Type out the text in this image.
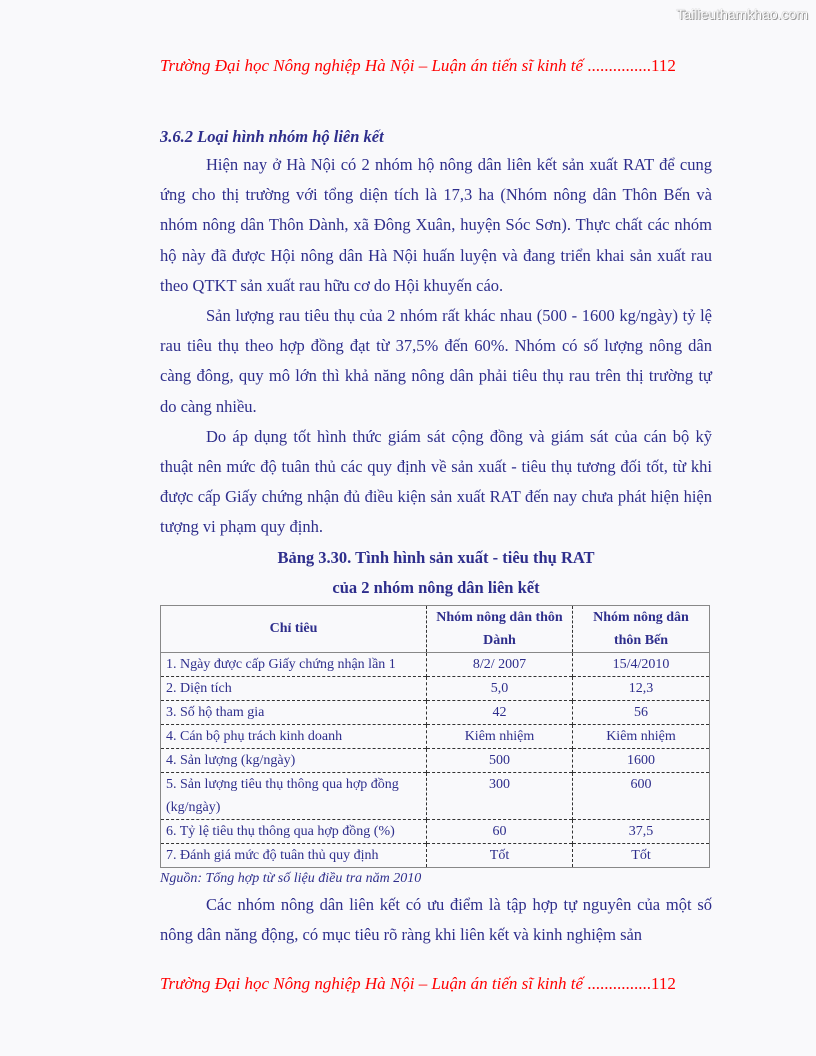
Tailieuthamkhao.com
Trường Đại học Nông nghiệp Hà Nội – Luận án tiến sĩ kinh tế ...............112
3.6.2 Loại hình nhóm hộ liên kết

Hiện nay ở Hà Nội có 2 nhóm hộ nông dân liên kết sản xuất RAT để cung ứng cho thị trường với tổng diện tích là 17,3 ha (Nhóm nông dân Thôn Bến và nhóm nông dân Thôn Dành, xã Đông Xuân, huyện Sóc Sơn). Thực chất các nhóm hộ này đã được Hội nông dân Hà Nội huấn luyện và đang triển khai sản xuất rau theo QTKT sản xuất rau hữu cơ do Hội khuyến cáo.

Sản lượng rau tiêu thụ của 2 nhóm rất khác nhau (500 - 1600 kg/ngày) tỷ lệ rau tiêu thụ theo hợp đồng đạt từ 37,5% đến 60%. Nhóm có số lượng nông dân càng đông, quy mô lớn thì khả năng nông dân phải tiêu thụ rau trên thị trường tự do càng nhiều.

Do áp dụng tốt hình thức giám sát cộng đồng và giám sát của cán bộ kỹ thuật nên mức độ tuân thủ các quy định về sản xuất - tiêu thụ tương đối tốt, từ khi được cấp Giấy chứng nhận đủ điều kiện sản xuất RAT đến nay chưa phát hiện hiện tượng vi phạm quy định.

Bảng 3.30. Tình hình sản xuất - tiêu thụ RAT
của 2 nhóm nông dân liên kết
Chỉ tiêu	Nhóm nông dân thôn Dành	Nhóm nông dân thôn Bến
1. Ngày được cấp Giấy chứng nhận lần 1	8/2/ 2007	15/4/2010
2. Diện tích	5,0	12,3
3. Số hộ tham gia	42	56
4. Cán bộ phụ trách kinh doanh	Kiêm nhiệm	Kiêm nhiệm
4. Sản lượng (kg/ngày)	500	1600
5. Sản lượng tiêu thụ thông qua hợp đồng (kg/ngày)	300	600
6. Tỷ lệ tiêu thụ thông qua hợp đồng (%)	60	37,5
7. Đánh giá mức độ tuân thủ quy định	Tốt	Tốt
Nguồn: Tổng hợp từ số liệu điều tra năm 2010

Các nhóm nông dân liên kết có ưu điểm là tập hợp tự nguyên của một số nông dân năng động, có mục tiêu rõ ràng khi liên kết và kinh nghiệm sản

Trường Đại học Nông nghiệp Hà Nội – Luận án tiến sĩ kinh tế ...............112
